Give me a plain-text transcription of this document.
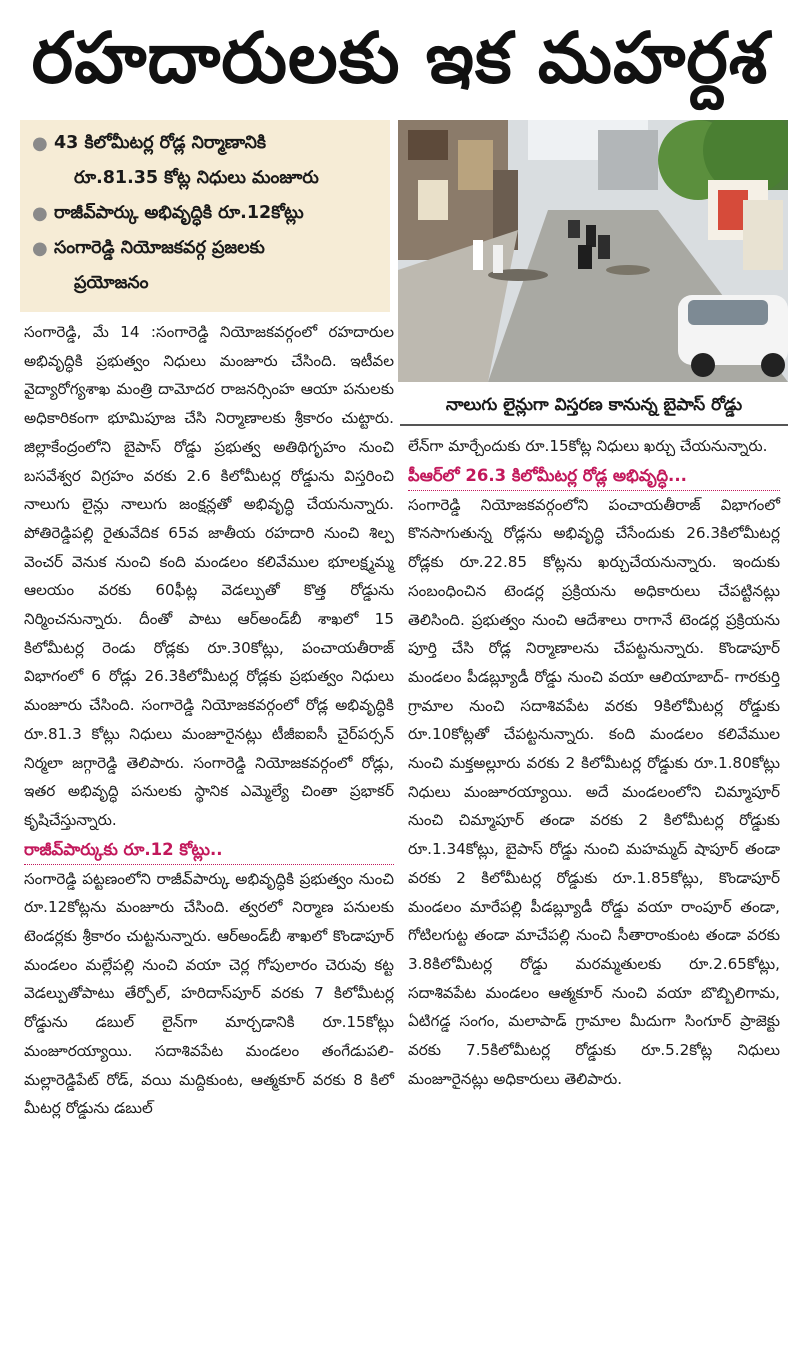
రహదారులకు ఇక మహర్దశ
● 43 కిలోమీటర్ల రోడ్ల నిర్మాణానికి
రూ.81.35 కోట్ల నిధులు మంజూరు
● రాజీవ్‌పార్కు అభివృద్ధికి రూ.12కోట్లు
● సంగారెడ్డి నియోజకవర్గ ప్రజలకు
ప్రయోజనం
నాలుగు లైన్లుగా విస్తరణ కానున్న బైపాస్ రోడ్డు

సంగారెడ్డి, మే 14 :సంగారెడ్డి నియోజకవర్గంలో రహదారుల అభివృద్ధికి ప్రభుత్వం నిధులు మంజూరు చేసింది. ఇటీవల వైద్యారోగ్యశాఖ మంత్రి దామోదర రాజనర్సింహ ఆయా పనులకు అధికారికంగా భూమిపూజ చేసి నిర్మాణాలకు శ్రీకారం చుట్టారు. జిల్లాకేంద్రంలోని బైపాస్ రోడ్డు ప్రభుత్వ అతిథిగృహం నుంచి బసవేశ్వర విగ్రహం వరకు 2.6 కిలోమీటర్ల రోడ్డును విస్తరించి నాలుగు లైన్లు నాలుగు జంక్షన్లతో అభివృద్ధి చేయనున్నారు. పోతిరెడ్డిపల్లి రైతువేదిక 65వ జాతీయ రహదారి నుంచి శిల్ప వెంచర్ వెనుక నుంచి కంది మండలం కలివేముల భూలక్ష్మమ్మ ఆలయం వరకు 60ఫీట్ల వెడల్పుతో కొత్త రోడ్డును నిర్మించనున్నారు. దీంతో పాటు ఆర్‌అండ్‌బీ శాఖలో 15 కిలోమీటర్ల రెండు రోడ్లకు రూ.30కోట్లు, పంచాయతీరాజ్ విభాగంలో 6 రోడ్లు 26.3కిలోమీటర్ల రోడ్లకు ప్రభుత్వం నిధులు మంజూరు చేసింది. సంగారెడ్డి నియోజకవర్గంలో రోడ్ల అభివృద్ధికి రూ.81.3 కోట్లు నిధులు మంజూరైనట్లు టీజీఐఐసీ చైర్‌పర్సన్ నిర్మలా జగ్గారెడ్డి తెలిపారు. సంగారెడ్డి నియోజకవర్గంలో రోడ్లు, ఇతర అభివృద్ధి పనులకు స్థానిక ఎమ్మెల్యే చింతా ప్రభాకర్ కృషిచేస్తున్నారు.

రాజీవ్‌పార్కుకు రూ.12 కోట్లు..

సంగారెడ్డి పట్టణంలోని రాజీవ్‌పార్కు అభివృద్ధికి ప్రభుత్వం నుంచి రూ.12కోట్లను మంజూరు చేసింది. త్వరలో నిర్మాణ పనులకు టెండర్లకు శ్రీకారం చుట్టనున్నారు. ఆర్‌అండ్‌బీ శాఖలో కొండాపూర్ మండలం మల్లేపల్లి నుంచి వయా చెర్ల గోపులారం చెరువు కట్ట వెడల్పుతోపాటు తేర్పోల్, హరిదాస్‌పూర్ వరకు 7 కిలోమీటర్ల రోడ్డును డబుల్ లైన్‌గా మార్చడానికి రూ.15కోట్లు మంజూరయ్యాయి. సదాశివపేట మండలం తంగేడుపలి-మల్లారెడ్డిపేట్ రోడ్, వయి మద్దికుంట, ఆత్మకూర్ వరకు 8 కిలో మీటర్ల రోడ్డును డబుల్

లేన్‌గా మార్చేందుకు రూ.15కోట్ల నిధులు ఖర్చు చేయనున్నారు.

పీఆర్‌లో 26.3 కిలోమీటర్ల రోడ్ల అభివృద్ధి...

సంగారెడ్డి నియోజకవర్గంలోని పంచాయతీరాజ్ విభాగంలో కొనసాగుతున్న రోడ్లను అభివృద్ధి చేసేందుకు 26.3కిలోమీటర్ల రోడ్లకు రూ.22.85 కోట్లను ఖర్చుచేయనున్నారు. ఇందుకు సంబంధించిన టెండర్ల ప్రక్రియను అధికారులు చేపట్టినట్లు తెలిసింది. ప్రభుత్వం నుంచి ఆదేశాలు రాగానే టెండర్ల ప్రక్రియను పూర్తి చేసి రోడ్ల నిర్మాణాలను చేపట్టనున్నారు. కొండాపూర్ మండలం పీడబ్ల్యూడీ రోడ్డు నుంచి వయా ఆలియాబాద్- గారకుర్తి గ్రామాల నుంచి సదాశివపేట వరకు 9కిలోమీటర్ల రోడ్డుకు రూ.10కోట్లతో చేపట్టనున్నారు. కంది మండలం కలివేముల నుంచి మక్తఅల్లూరు వరకు 2 కిలోమీటర్ల రోడ్డుకు రూ.1.80కోట్లు నిధులు మంజూరయ్యాయి. అదే మండలంలోని చిమ్మాపూర్ నుంచి చిమ్మాపూర్ తండా వరకు 2 కిలోమీటర్ల రోడ్డుకు రూ.1.34కోట్లు, బైపాస్ రోడ్డు నుంచి మహమ్మద్ షాపూర్ తండా వరకు 2 కిలోమీటర్ల రోడ్డుకు రూ.1.85కోట్లు, కొండాపూర్ మండలం మారేపల్లి పీడబ్ల్యూడీ రోడ్డు వయా రాంపూర్ తండా, గోటిలగుట్ట తండా మాచేపల్లి నుంచి సీతారాంకుంట తండా వరకు 3.8కిలోమీటర్ల రోడ్డు మరమ్మతులకు రూ.2.65కోట్లు, సదాశివపేట మండలం ఆత్మకూర్ నుంచి వయా బొబ్బిలిగామ, ఏటిగడ్డ సంగం, మలాపాడ్ గ్రామాల మీదుగా సింగూర్ ప్రాజెక్టు వరకు 7.5కిలోమీటర్ల రోడ్డుకు రూ.5.2కోట్ల నిధులు మంజూరైనట్లు అధికారులు తెలిపారు.
